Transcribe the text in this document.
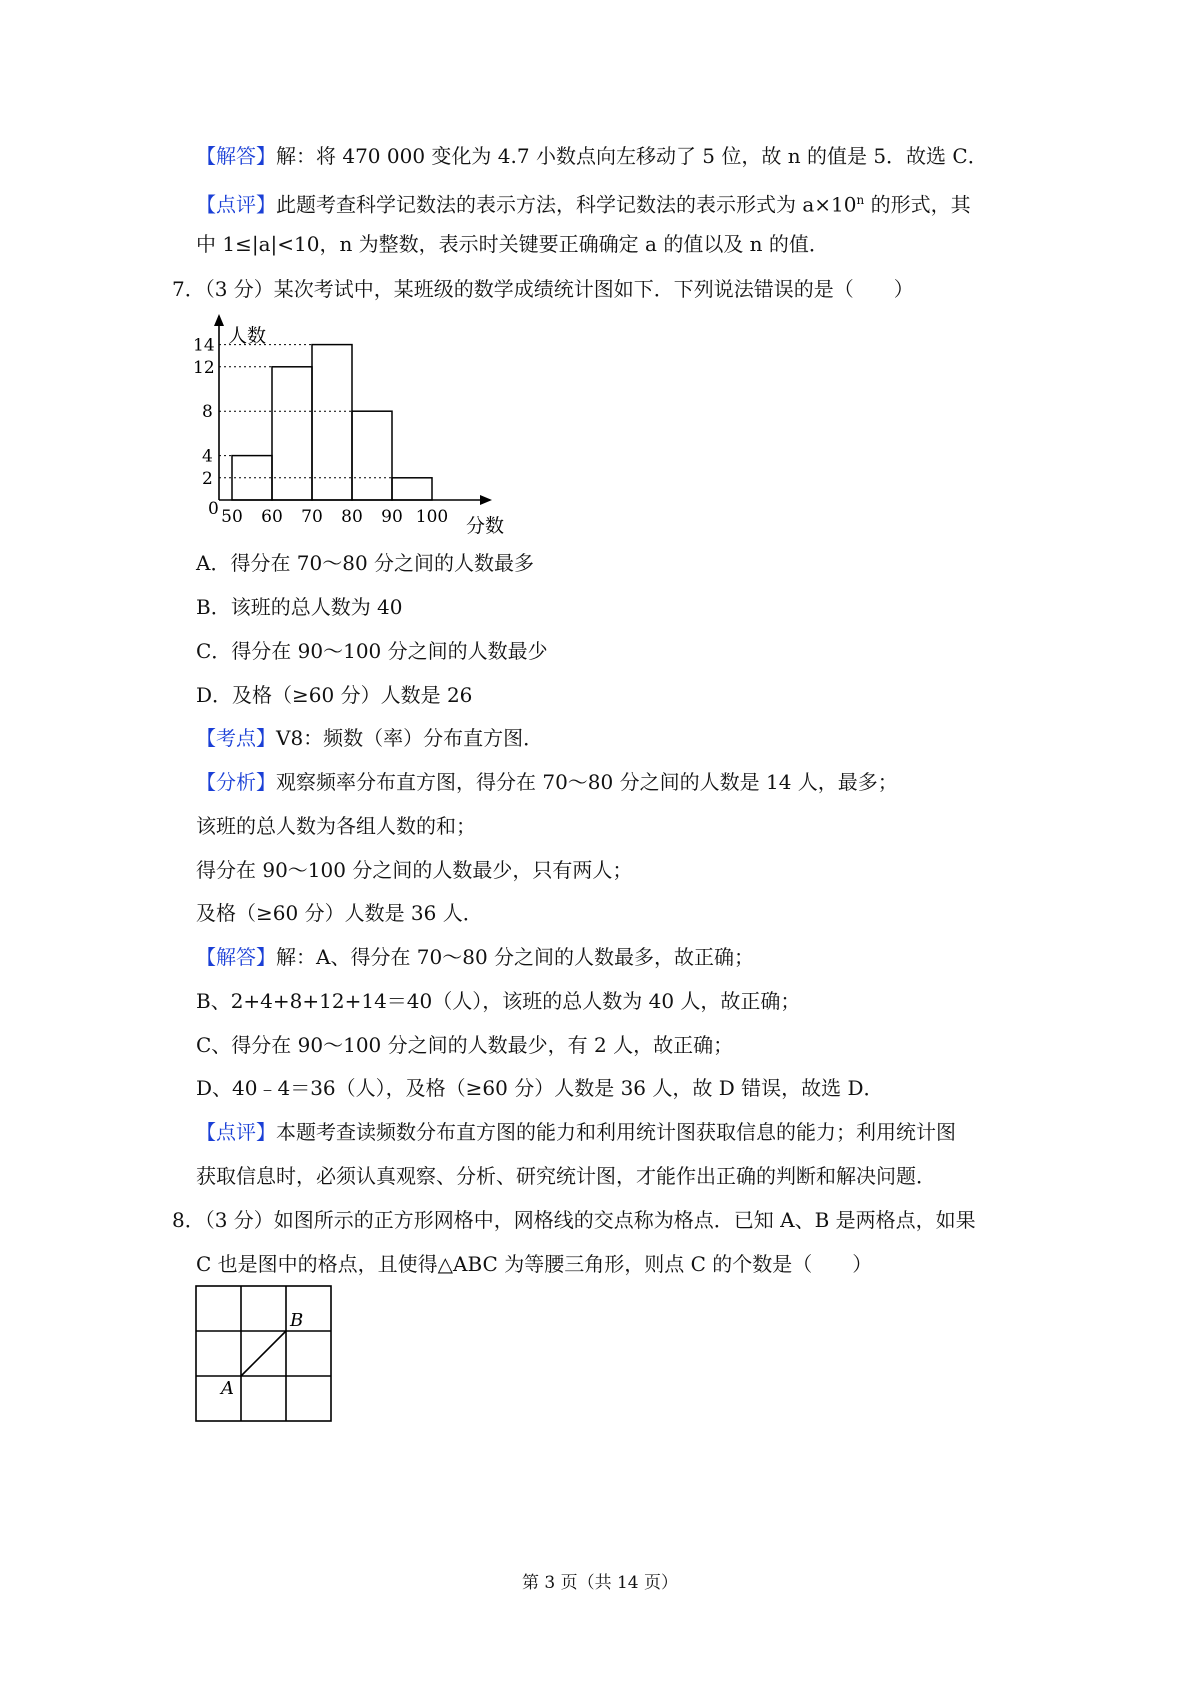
【解答】解：将 470 000 变化为 4.7 小数点向左移动了 5 位，故 n 的值是 5．故选 C．
【点评】此题考查科学记数法的表示方法，科学记数法的表示形式为 $a\times 10^n$ 的形式，其
中 1≤|a|<10，n 为整数，表示时关键要正确确定 a 的值以及 n 的值．
7．（3 分）某次考试中，某班级的数学成绩统计图如下．下列说法错误的是（　　）
人数
分数
0
2
4
8
12
14
50 60 70 80 90 100
A．得分在 70～80 分之间的人数最多
B．该班的总人数为 40
C．得分在 90～100 分之间的人数最少
D．及格（≥60 分）人数是 26
【考点】V8：频数（率）分布直方图．
【分析】观察频率分布直方图，得分在 70～80 分之间的人数是 14 人，最多；
该班的总人数为各组人数的和；
得分在 90～100 分之间的人数最少，只有两人；
及格（≥60 分）人数是 36 人．
【解答】解：A、得分在 70～80 分之间的人数最多，故正确；
B、2+4+8+12+14＝40（人），该班的总人数为 40 人，故正确；
C、得分在 90～100 分之间的人数最少，有 2 人，故正确；
D、40﹣4＝36（人），及格（≥60 分）人数是 36 人，故 D 错误，故选 D．
【点评】本题考查读频数分布直方图的能力和利用统计图获取信息的能力；利用统计图
获取信息时，必须认真观察、分析、研究统计图，才能作出正确的判断和解决问题．
8．（3 分）如图所示的正方形网格中，网格线的交点称为格点．已知 A、B 是两格点，如果
C 也是图中的格点，且使得△ABC 为等腰三角形，则点 C 的个数是（　　）
B
A
第 3 页（共 14 页）
